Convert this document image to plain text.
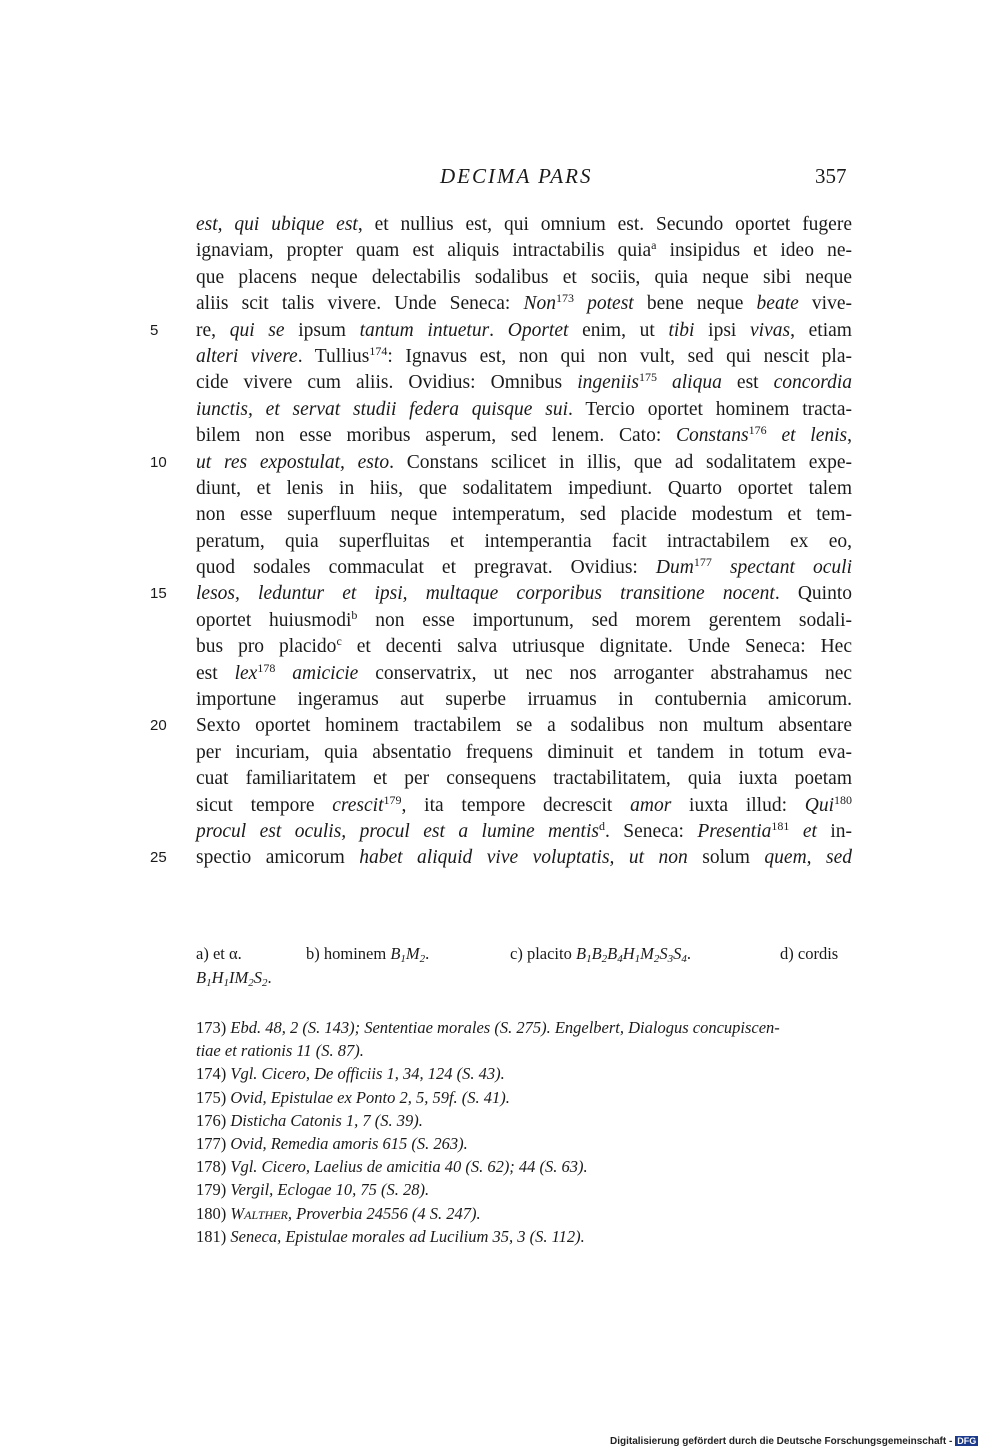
DECIMA PARS	357
est, qui ubique est, et nullius est, qui omnium est. Secundo oportet fugere
ignaviam, propter quam est aliquis intractabilis quia$^a$ insipidus et ideo ne-
que placens neque delectabilis sodalibus et sociis, quia neque sibi neque
aliis scit talis vivere. Unde Seneca: Non$^{173}$ potest bene neque beate vive-
5	re, qui se ipsum tantum intuetur. Oportet enim, ut tibi ipsi vivas, etiam
alteri vivere. Tullius$^{174}$: Ignavus est, non qui non vult, sed qui nescit pla-
cide vivere cum aliis. Ovidius: Omnibus ingeniis$^{175}$ aliqua est concordia
iunctis, et servat studii federa quisque sui. Tercio oportet hominem tracta-
bilem non esse moribus asperum, sed lenem. Cato: Constans$^{176}$ et lenis,
10	ut res expostulat, esto. Constans scilicet in illis, que ad sodalitatem expe-
diunt, et lenis in hiis, que sodalitatem impediunt. Quarto oportet talem
non esse superfluum neque intemperatum, sed placide modestum et tem-
peratum, quia superfluitas et intemperantia facit intractabilem ex eo,
quod sodales commaculat et pregravat. Ovidius: Dum$^{177}$ spectant oculi
15	lesos, leduntur et ipsi, multaque corporibus transitione nocent. Quinto
oportet huiusmodi$^b$ non esse importunum, sed morem gerentem sodali-
bus pro placido$^c$ et decenti salva utriusque dignitate. Unde Seneca: Hec
est lex$^{178}$ amicicie conservatrix, ut nec nos arroganter abstrahamus nec
importune ingeramus aut superbe irruamus in contubernia amicorum.
20	Sexto oportet hominem tractabilem se a sodalibus non multum absentare
per incuriam, quia absentatio frequens diminuit et tandem in totum eva-
cuat familiaritatem et per consequens tractabilitatem, quia iuxta poetam
sicut tempore crescit$^{179}$, ita tempore decrescit amor iuxta illud: Qui$^{180}$
procul est oculis, procul est a lumine mentis$^d$. Seneca: Presentia$^{181}$ et in-
25	spectio amicorum habet aliquid vive voluptatis, ut non solum quem, sed
a) et α.	b) hominem $B_1M_2$.	c) placito $B_1B_2B_4H_1M_2S_3S_4$.	d) cordis
$B_1H_1IM_2S_2$.
173) Ebd. 48, 2 (S. 143); Sententiae morales (S. 275). Engelbert, Dialogus concupiscen-
tiae et rationis 11 (S. 87).
174) Vgl. Cicero, De officiis 1, 34, 124 (S. 43).
175) Ovid, Epistulae ex Ponto 2, 5, 59f. (S. 41).
176) Disticha Catonis 1, 7 (S. 39).
177) Ovid, Remedia amoris 615 (S. 263).
178) Vgl. Cicero, Laelius de amicitia 40 (S. 62); 44 (S. 63).
179) Vergil, Eclogae 10, 75 (S. 28).
180) Walther, Proverbia 24556 (4 S. 247).
181) Seneca, Epistulae morales ad Lucilium 35, 3 (S. 112).
Digitalisierung gefördert durch die Deutsche Forschungsgemeinschaft - DFG
